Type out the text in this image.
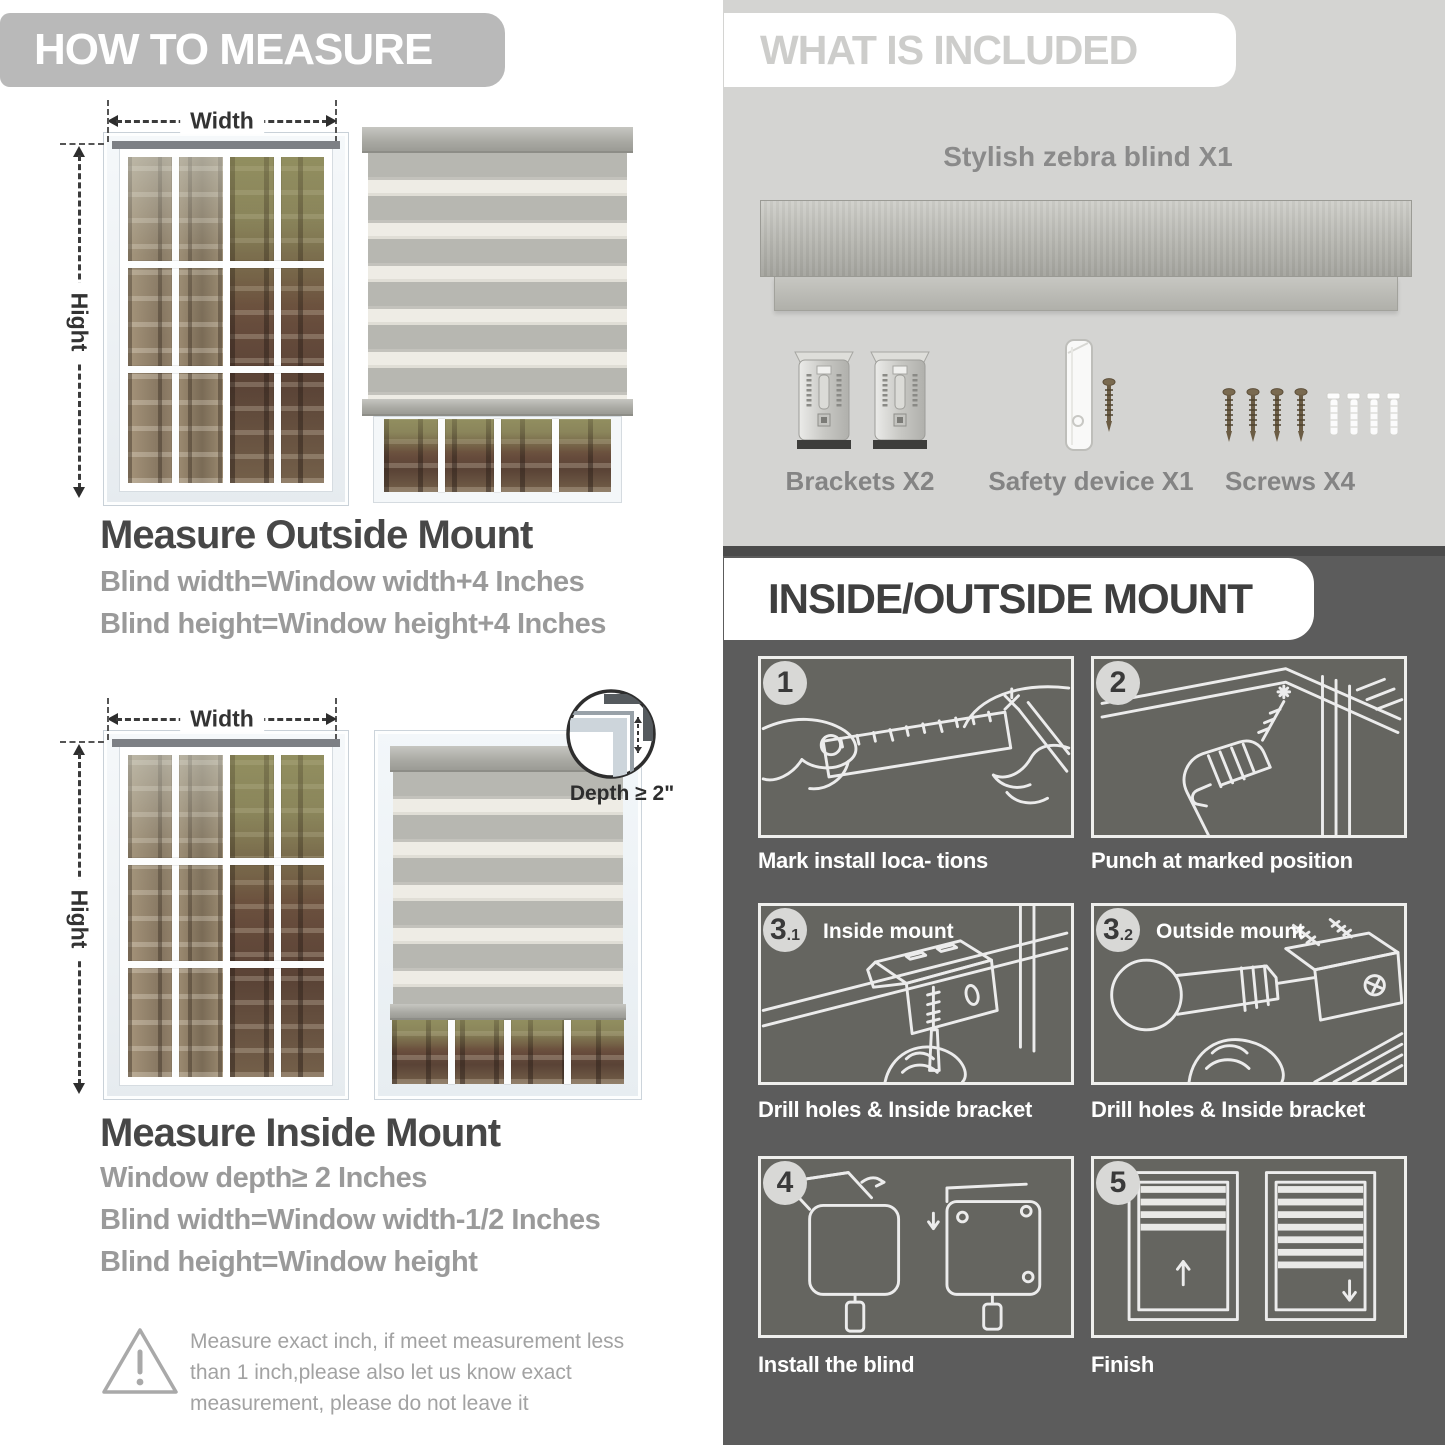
HOW TO MEASURE
Width
Hight
Measure Outside Mount
Blind width=Window width+4 Inches
Blind height=Window height+4 Inches
Width
Hight
Depth ≥ 2"
Measure Inside Mount
Window depth≥ 2 Inches
Blind width=Window width-1/2 Inches
Blind height=Window height
Measure exact inch, if meet measurement less than 1 inch,please also let us know exact measurement, please do not leave it
WHAT IS INCLUDED
Stylish zebra blind X1
Brackets X2 Safety device X1	Screws X4
INSIDE/OUTSIDE MOUNT
1
Mark install loca- tions
2
Punch at marked position
3 .1 Inside mount
Drill holes & Inside bracket
3 .2 Outside mount
Drill holes & Inside bracket
4
Install the blind
5
Finish
